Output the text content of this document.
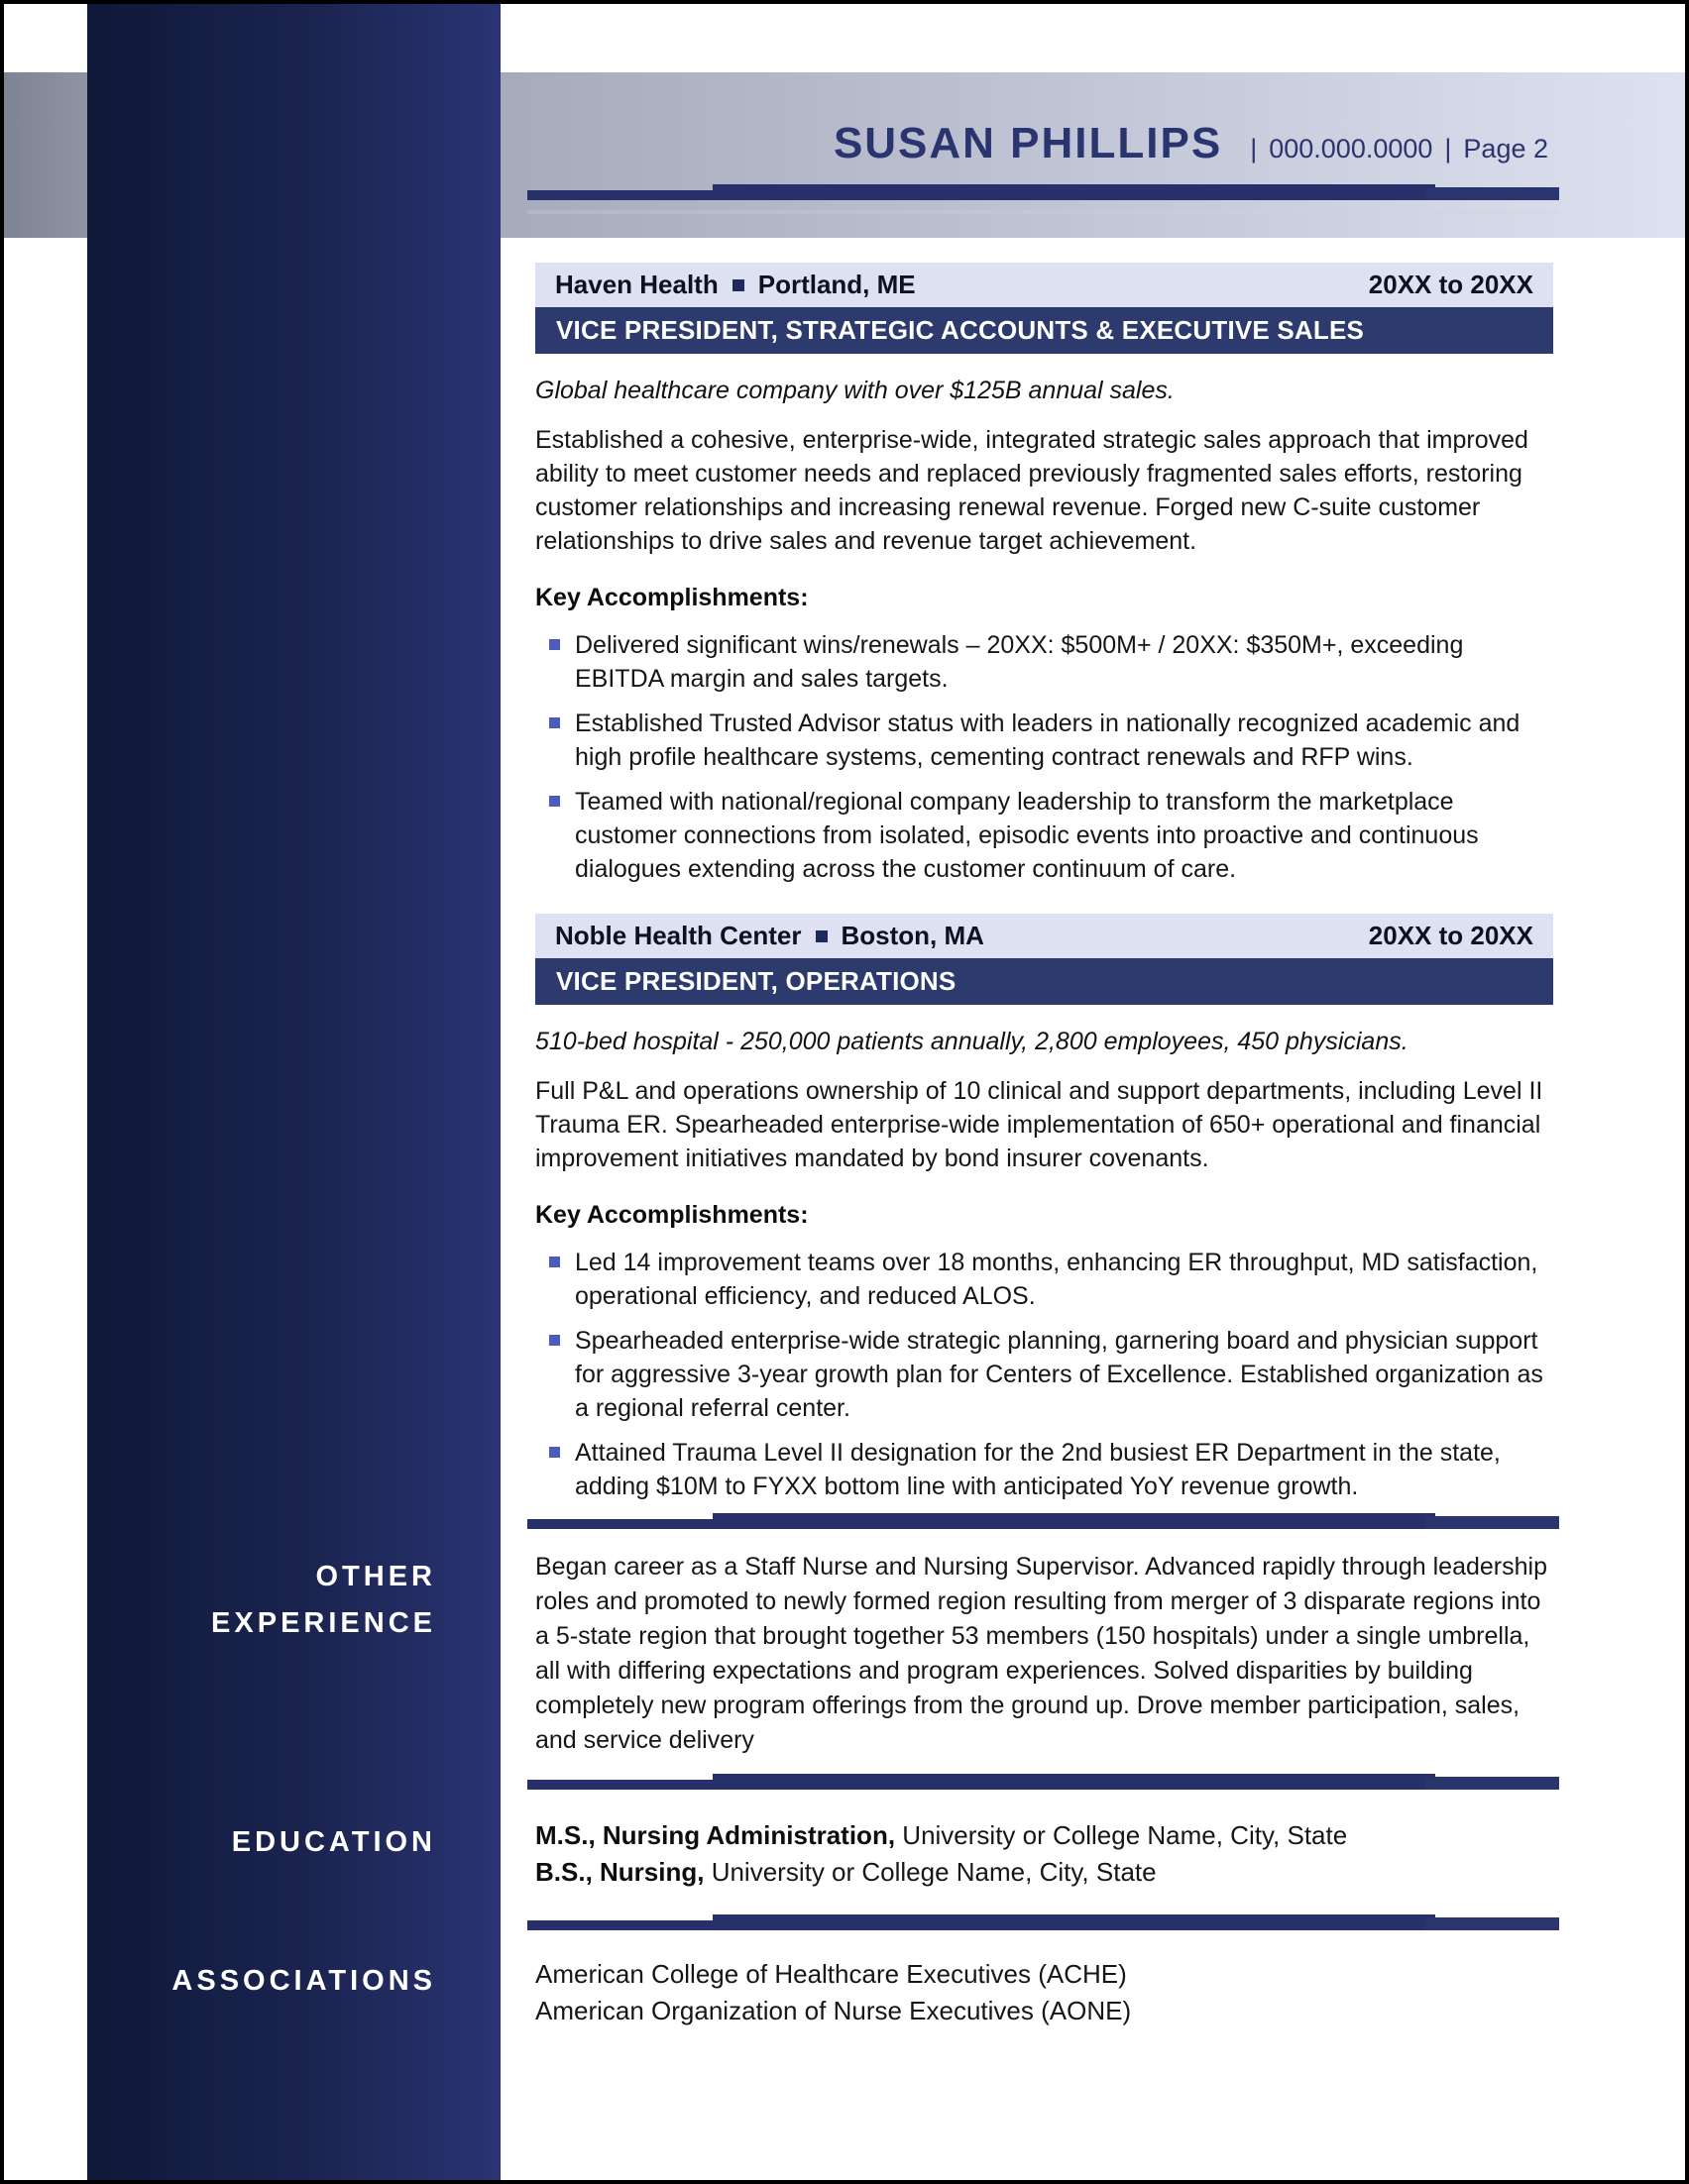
SUSAN PHILLIPS | 000.000.0000 | Page 2
OTHER EXPERIENCE
EDUCATION
ASSOCIATIONS
Haven Health Portland, ME	20XX to 20XX
VICE PRESIDENT, STRATEGIC ACCOUNTS & EXECUTIVE SALES
Global healthcare company with over $125B annual sales.
Established a cohesive, enterprise-wide, integrated strategic sales approach that improved ability to meet customer needs and replaced previously fragmented sales efforts, restoring customer relationships and increasing renewal revenue. Forged new C-suite customer relationships to drive sales and revenue target achievement.
Key Accomplishments:
Delivered significant wins/renewals – 20XX: $500M+ / 20XX: $350M+, exceeding EBITDA margin and sales targets.
Established Trusted Advisor status with leaders in nationally recognized academic and high profile healthcare systems, cementing contract renewals and RFP wins.
Teamed with national/regional company leadership to transform the marketplace customer connections from isolated, episodic events into proactive and continuous dialogues extending across the customer continuum of care.
Noble Health Center Boston, MA	20XX to 20XX
VICE PRESIDENT, OPERATIONS
510-bed hospital - 250,000 patients annually, 2,800 employees, 450 physicians.
Full P&L and operations ownership of 10 clinical and support departments, including Level II Trauma ER. Spearheaded enterprise-wide implementation of 650+ operational and financial improvement initiatives mandated by bond insurer covenants.
Key Accomplishments:
Led 14 improvement teams over 18 months, enhancing ER throughput, MD satisfaction, operational efficiency, and reduced ALOS.
Spearheaded enterprise-wide strategic planning, garnering board and physician support for aggressive 3-year growth plan for Centers of Excellence. Established organization as a regional referral center.
Attained Trauma Level II designation for the 2nd busiest ER Department in the state, adding $10M to FYXX bottom line with anticipated YoY revenue growth.
Began career as a Staff Nurse and Nursing Supervisor. Advanced rapidly through leadership roles and promoted to newly formed region resulting from merger of 3 disparate regions into a 5-state region that brought together 53 members (150 hospitals) under a single umbrella, all with differing expectations and program experiences. Solved disparities by building completely new program offerings from the ground up. Drove member participation, sales, and service delivery
M.S., Nursing Administration, University or College Name, City, State
B.S., Nursing, University or College Name, City, State
American College of Healthcare Executives (ACHE)
American Organization of Nurse Executives (AONE)
